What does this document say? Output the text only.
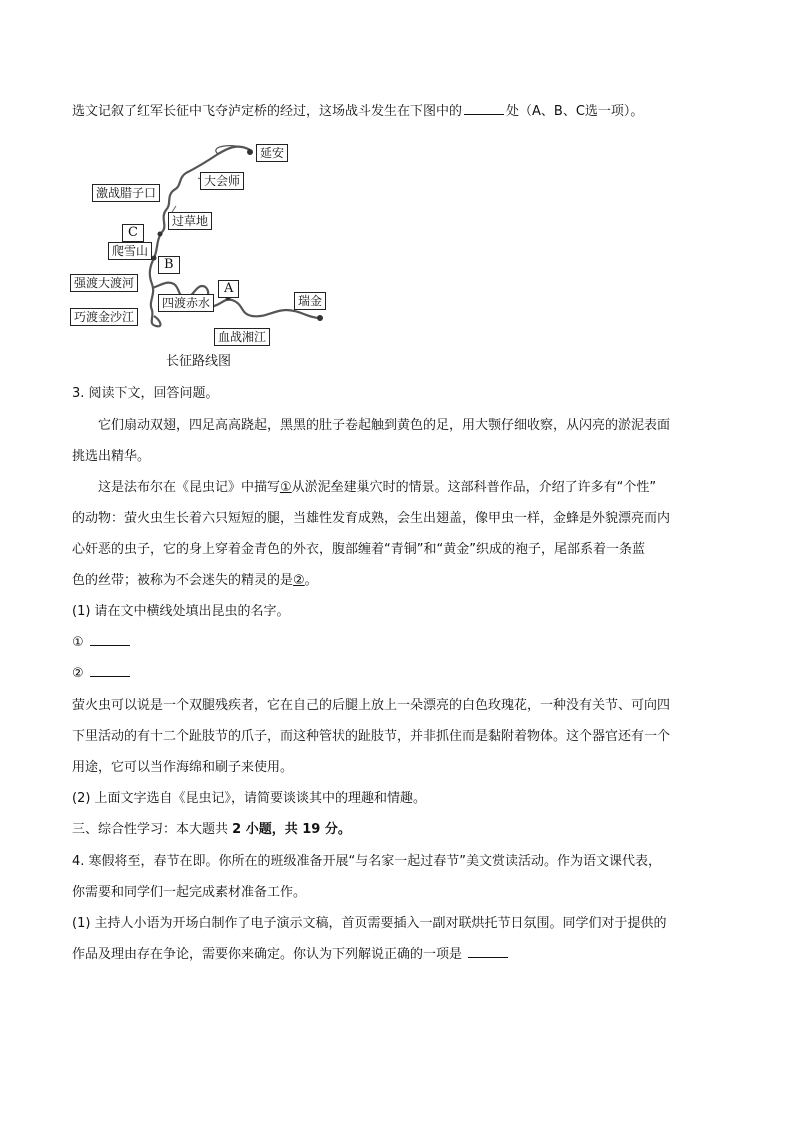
选文记叙了红军长征中飞夺泸定桥的经过，这场战斗发生在下图中的	处（A、B、C选一项）。
延安
大会师
激战腊子口
过草地
C
爬雪山
B
强渡大渡河	A
四渡赤水	瑞金
巧渡金沙江
血战湘江
长征路线图
3. 阅读下文，回答问题。
它们扇动双翅，四足高高跷起，黑黑的肚子卷起触到黄色的足，用大颚仔细收察，从闪亮的淤泥表面
挑选出精华。
这是法布尔在《昆虫记》中描写①从淤泥垒建巢穴时的情景。这部科普作品，介绍了许多有“个性”
的动物：萤火虫生长着六只短短的腿，当雄性发育成熟，会生出翅盖，像甲虫一样，金蜂是外貌漂亮而内
心奸恶的虫子，它的身上穿着金青色的外衣，腹部缠着“青铜”和“黄金”织成的袍子，尾部系着一条蓝
色的丝带；被称为不会迷失的精灵的是②。
(1) 请在文中横线处填出昆虫的名字。
①
②
萤火虫可以说是一个双腿残疾者，它在自己的后腿上放上一朵漂亮的白色玫瑰花，一种没有关节、可向四
下里活动的有十二个趾肢节的爪子，而这种管状的趾肢节，并非抓住而是黏附着物体。这个器官还有一个
用途，它可以当作海绵和刷子来使用。
(2) 上面文字选自《昆虫记》，请简要谈谈其中的理趣和情趣。
三、综合性学习：本大题共 2 小题，共 19 分。
4. 寒假将至，春节在即。你所在的班级准备开展“与名家一起过春节”美文赏读活动。作为语文课代表，
你需要和同学们一起完成素材准备工作。
(1) 主持人小语为开场白制作了电子演示文稿，首页需要插入一副对联烘托节日氛围。同学们对于提供的
作品及理由存在争论，需要你来确定。你认为下列解说正确的一项是
